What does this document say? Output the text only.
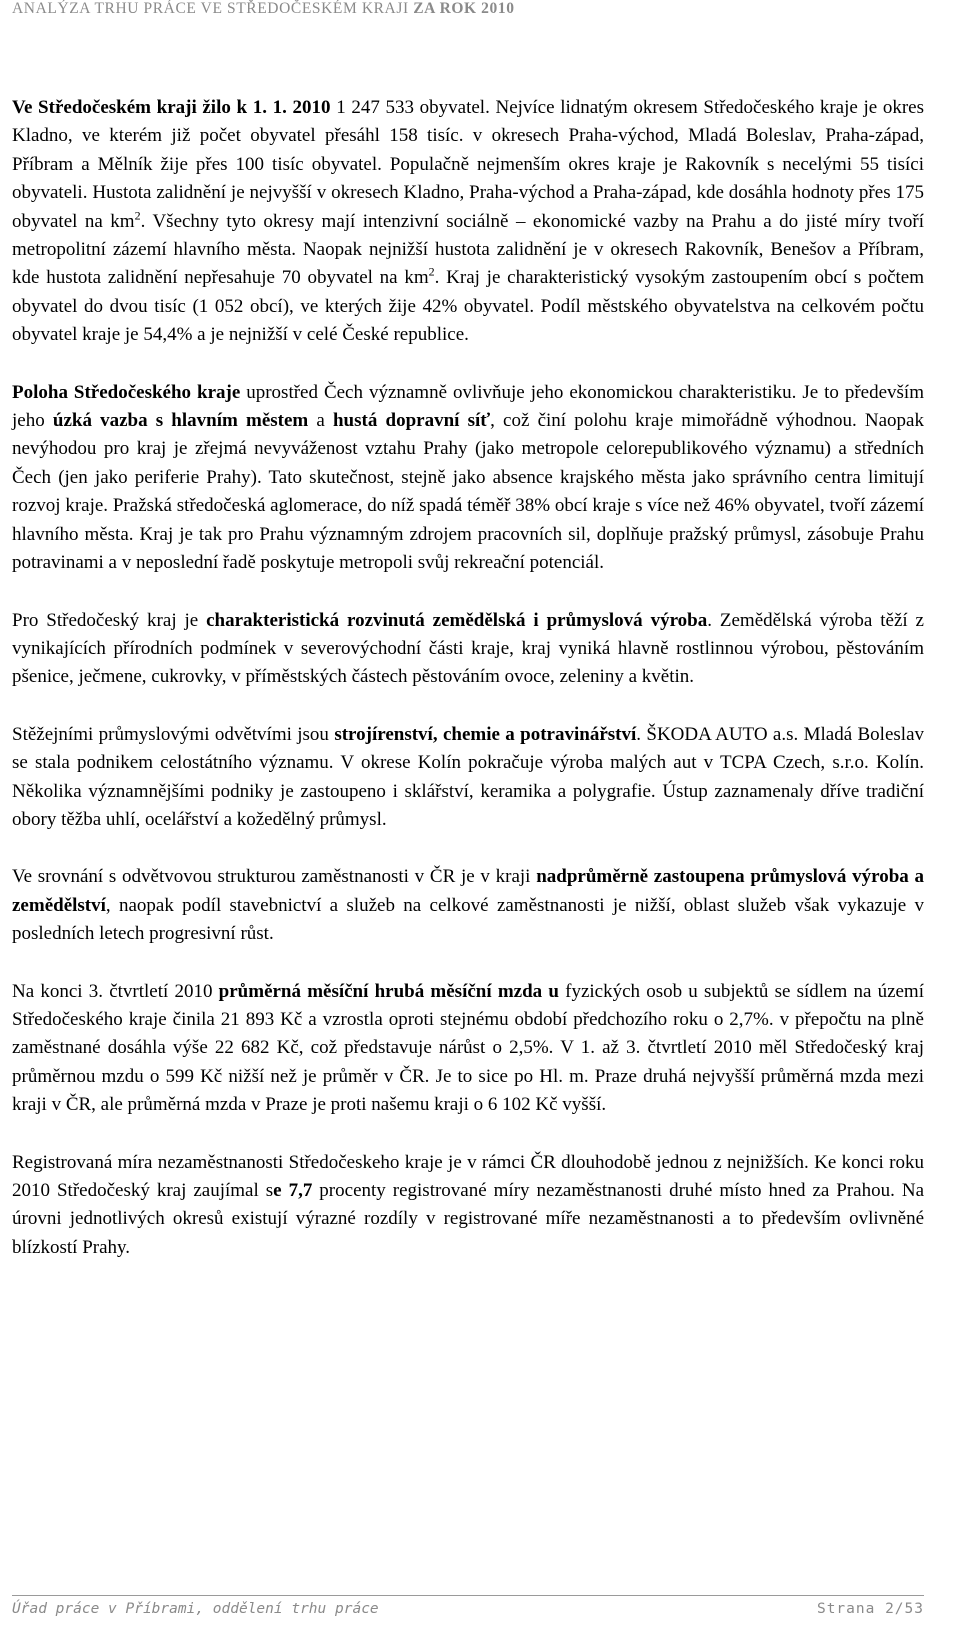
ANALÝZA TRHU PRÁCE VE STŘEDOČESKÉM KRAJI ZA ROK 2010

Ve Středočeském kraji žilo k 1. 1. 2010 1 247 533 obyvatel. Nejvíce lidnatým okresem Středočeského kraje je okres Kladno, ve kterém již počet obyvatel přesáhl 158 tisíc. v okresech Praha-východ, Mladá Boleslav, Praha-západ, Příbram a Mělník žije přes 100 tisíc obyvatel. Populačně nejmenším okres kraje je Rakovník s necelými 55 tisíci obyvateli. Hustota zalidnění je nejvyšší v okresech Kladno, Praha-východ a Praha-západ, kde dosáhla hodnoty přes 175 obyvatel na $km^2$. Všechny tyto okresy mají intenzivní sociálně – ekonomické vazby na Prahu a do jisté míry tvoří metropolitní zázemí hlavního města. Naopak nejnižší hustota zalidnění je v okresech Rakovník, Benešov a Příbram, kde hustota zalidnění nepřesahuje 70 obyvatel na $km^2$. Kraj je charakteristický vysokým zastoupením obcí s počtem obyvatel do dvou tisíc (1 052 obcí), ve kterých žije 42% obyvatel. Podíl městského obyvatelstva na celkovém počtu obyvatel kraje je 54,4% a je nejnižší v celé České republice.

Poloha Středočeského kraje uprostřed Čech významně ovlivňuje jeho ekonomickou charakteristiku. Je to především jeho úzká vazba s hlavním městem a hustá dopravní síť, což činí polohu kraje mimořádně výhodnou. Naopak nevýhodou pro kraj je zřejmá nevyváženost vztahu Prahy (jako metropole celorepublikového významu) a středních Čech (jen jako periferie Prahy). Tato skutečnost, stejně jako absence krajského města jako správního centra limitují rozvoj kraje. Pražská středočeská aglomerace, do níž spadá téměř 38% obcí kraje s více než 46% obyvatel, tvoří zázemí hlavního města. Kraj je tak pro Prahu významným zdrojem pracovních sil, doplňuje pražský průmysl, zásobuje Prahu potravinami a v neposlední řadě poskytuje metropoli svůj rekreační potenciál.

Pro Středočeský kraj je charakteristická rozvinutá zemědělská i průmyslová výroba. Zemědělská výroba těží z vynikajících přírodních podmínek v severovýchodní části kraje, kraj vyniká hlavně rostlinnou výrobou, pěstováním pšenice, ječmene, cukrovky, v příměstských částech pěstováním ovoce, zeleniny a květin.

Stěžejními průmyslovými odvětvími jsou strojírenství, chemie a potravinářství. ŠKODA AUTO a.s. Mladá Boleslav se stala podnikem celostátního významu. V okrese Kolín pokračuje výroba malých aut v TCPA Czech, s.r.o. Kolín. Několika významnějšími podniky je zastoupeno i sklářství, keramika a polygrafie. Ústup zaznamenaly dříve tradiční obory těžba uhlí, ocelářství a kožedělný průmysl.

Ve srovnání s odvětvovou strukturou zaměstnanosti v ČR je v kraji nadprůměrně zastoupena průmyslová výroba a zemědělství, naopak podíl stavebnictví a služeb na celkové zaměstnanosti je nižší, oblast služeb však vykazuje v posledních letech progresivní růst.

Na konci 3. čtvrtletí 2010 průměrná měsíční hrubá měsíční mzda u fyzických osob u subjektů se sídlem na území Středočeského kraje činila 21 893 Kč a vzrostla oproti stejnému období předchozího roku o 2,7%. v přepočtu na plně zaměstnané dosáhla výše 22 682 Kč, což představuje nárůst o 2,5%. V 1. až 3. čtvrtletí 2010 měl Středočeský kraj průměrnou mzdu o 599 Kč nižší než je průměr v ČR. Je to sice po Hl. m. Praze druhá nejvyšší průměrná mzda mezi kraji v ČR, ale průměrná mzda v Praze je proti našemu kraji o 6 102 Kč vyšší.

Registrovaná míra nezaměstnanosti Středočeskeho kraje je v rámci ČR dlouhodobě jednou z nejnižších. Ke konci roku 2010 Středočeský kraj zaujímal se 7,7 procenty registrované míry nezaměstnanosti druhé místo hned za Prahou. Na úrovni jednotlivých okresů existují výrazné rozdíly v registrované míře nezaměstnanosti a to především ovlivněné blízkostí Prahy.

Úřad práce v Příbrami, oddělení trhu práce	Strana 2/53
